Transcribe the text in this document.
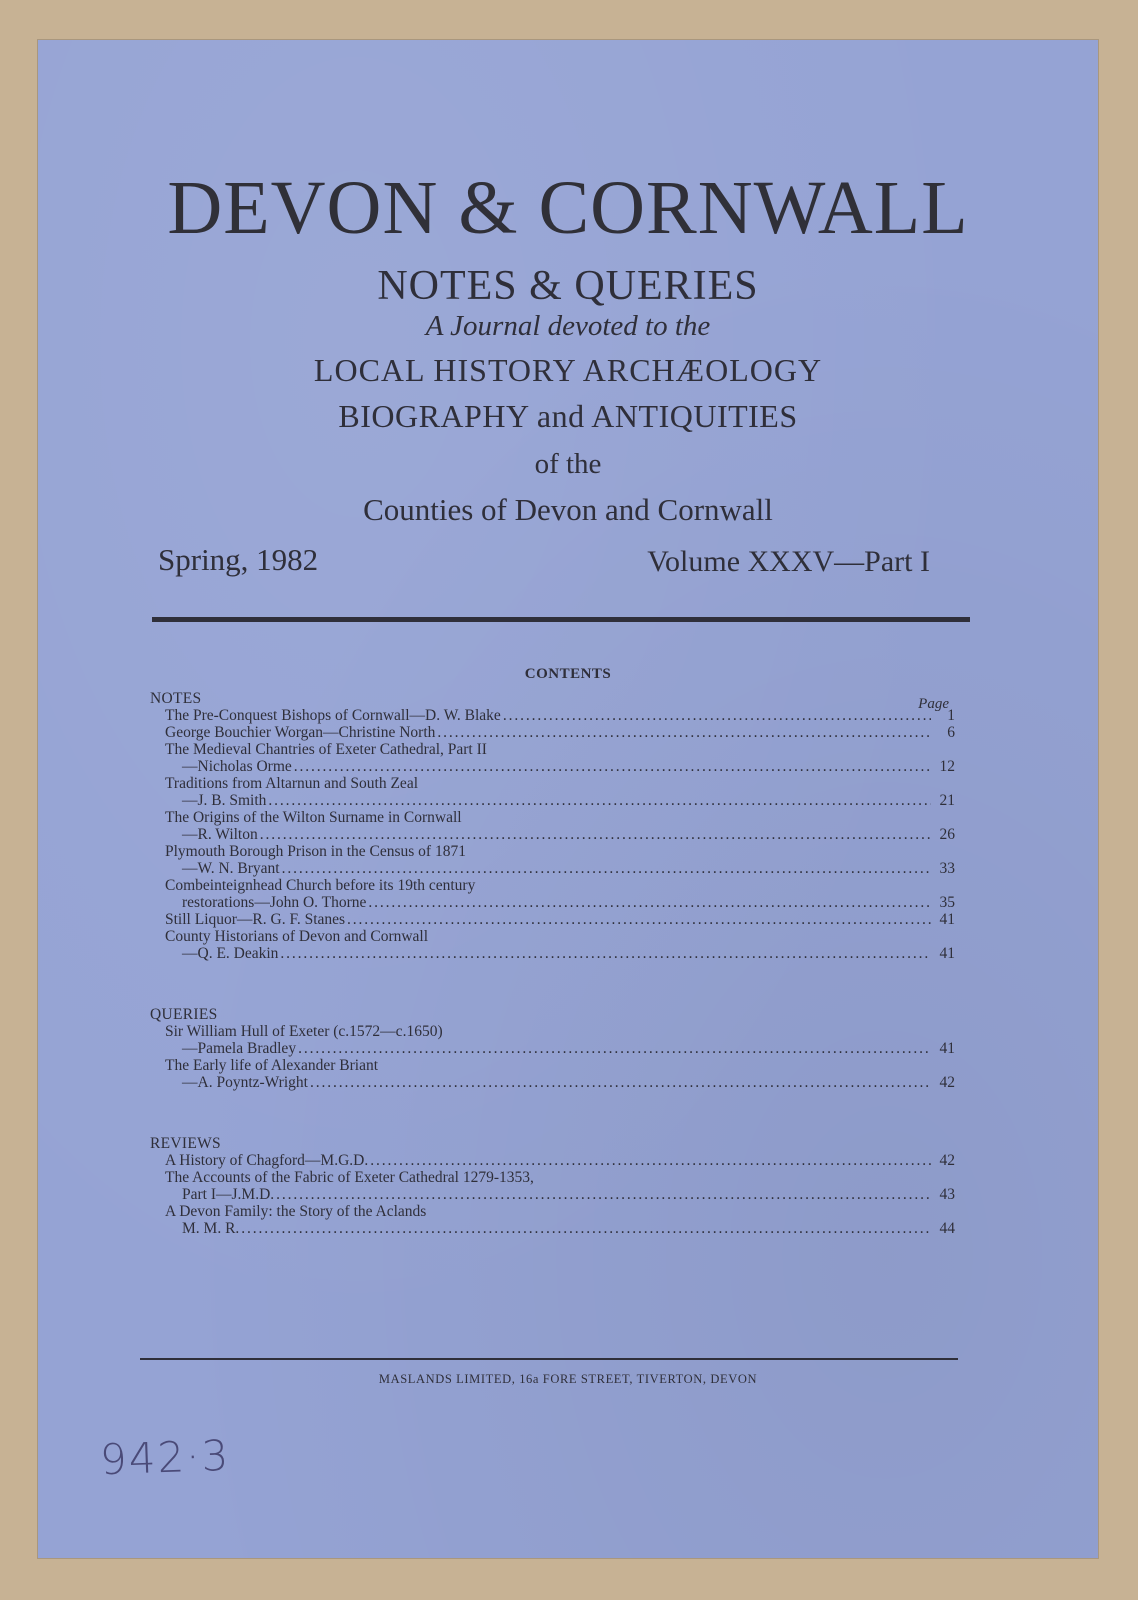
DEVON & CORNWALL
NOTES & QUERIES
A Journal devoted to the
LOCAL HISTORY ARCHÆOLOGY
BIOGRAPHY and ANTIQUITIES
of the
Counties of Devon and Cornwall
Spring, 1982	Volume XXXV—Part I
CONTENTS
Page
NOTES
The Pre-Conquest Bishops of Cornwall—D. W. Blake . . .	1
George Bouchier Worgan—Christine North . . .	6
The Medieval Chantries of Exeter Cathedral, Part II
—Nicholas Orme . . .	12
Traditions from Altarnun and South Zeal
—J. B. Smith . . .	21
The Origins of the Wilton Surname in Cornwall
—R. Wilton . . .	26
Plymouth Borough Prison in the Census of 1871
—W. N. Bryant . . .	33
Combeinteignhead Church before its 19th century
restorations—John O. Thorne . . .	35
Still Liquor—R. G. F. Stanes . . .	41
County Historians of Devon and Cornwall
—Q. E. Deakin . . .	41
QUERIES
Sir William Hull of Exeter (c.1572—c.1650)
—Pamela Bradley . . .	41
The Early life of Alexander Briant
—A. Poyntz-Wright . . .	42
REVIEWS
A History of Chagford—M.G.D. . . .	42
The Accounts of the Fabric of Exeter Cathedral 1279-1353,
Part I—J.M.D. . . .	43
A Devon Family: the Story of the Aclands
M. M. R. . . .	44
MASLANDS LIMITED, 16a FORE STREET, TIVERTON, DEVON
942·3
